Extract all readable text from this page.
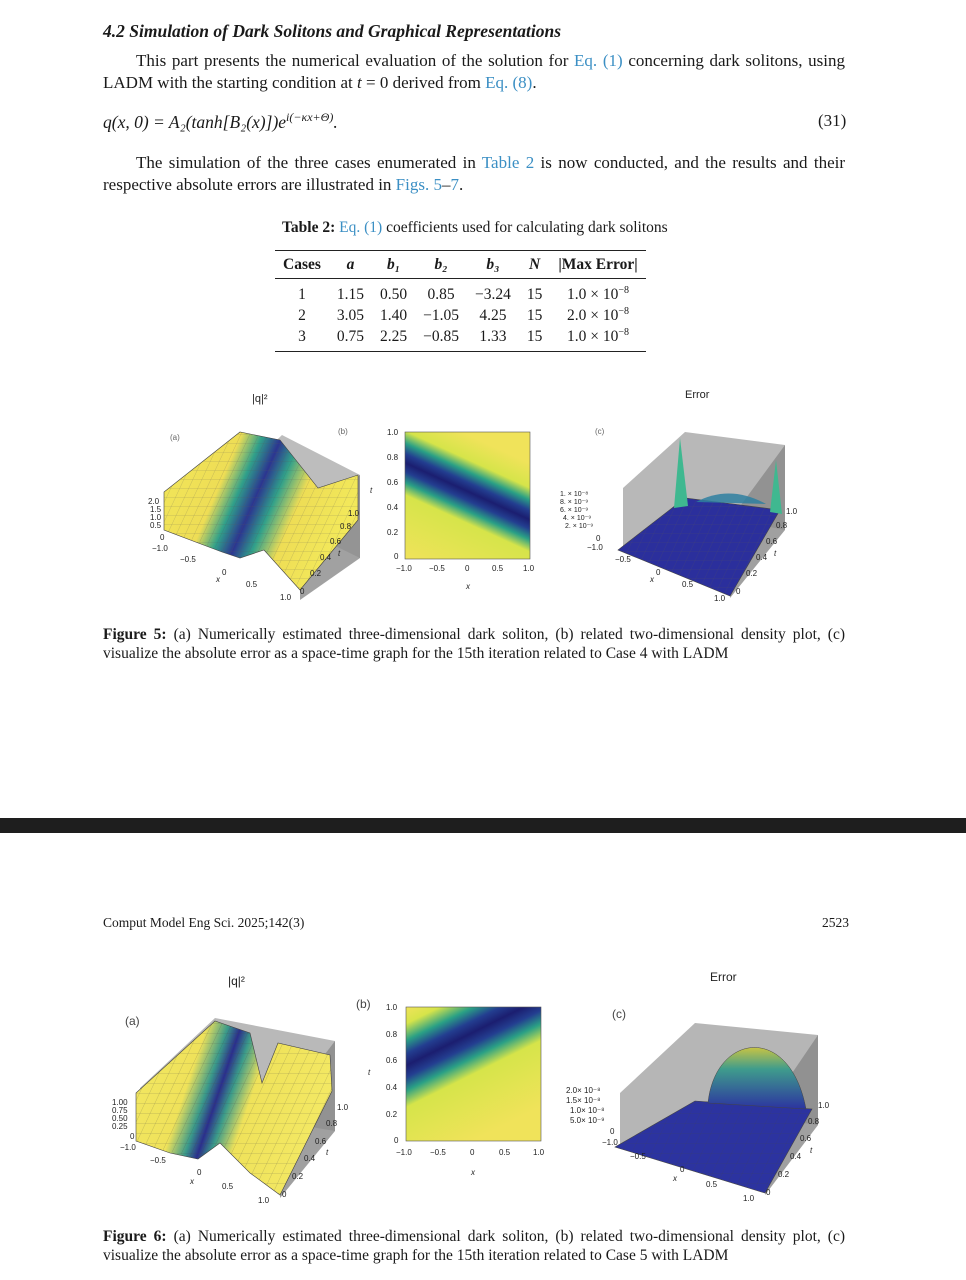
4.2 Simulation of Dark Solitons and Graphical Representations
This part presents the numerical evaluation of the solution for Eq. (1) concerning dark solitons, using LADM with the starting condition at t = 0 derived from Eq. (8).
q(x, $0) = A_2(\tanh[B_2(x)])e^{i(-\kappa x+\Theta)}$.	(31)
The simulation of the three cases enumerated in Table 2 is now conducted, and the results and their respective absolute errors are illustrated in Figs. 5–7.
Table 2: Eq. (1) coefficients used for calculating dark solitons
Cases	a	b₁	b₂	b₃	N	|Max Error|
1	1.15	0.50	0.85	−3.24	15	$1.0 \times 10^{-8}$
2	3.05	1.40	−1.05	4.25	15	$2.0 \times 10^{-8}$
3	0.75	2.25	−0.85	1.33	15	$1.0 \times 10^{-8}$
(a)
|q|²
2.0
1.5
1.0
0.5
0
−1.0
−0.5
0
0.5
1.0
x
0
0.2
0.4
0.6
0.8
1.0
t
(b)	1.0
0.8
0.6
0.4
0.2
0
t
−1.0 −0.5	0	0.5 1.0
x
(c)
Error
1. × 10⁻⁸
8. × 10⁻⁹
6. × 10⁻⁹
4. × 10⁻⁹
2. × 10⁻⁹
0
−1.0
−0.5
0
0.5
1.0
x
0
0.2
0.4
0.6
0.8
1.0
t
Figure 5: (a) Numerically estimated three-dimensional dark soliton, (b) related two-dimensional density plot, (c) visualize the absolute error as a space-time graph for the 15th iteration related to Case 4 with LADM
Comput Model Eng Sci. 2025;142(3)	2523
(a)
|q|²
1.00
0.75
0.50
0.25
0
−1.0
−0.5
0
0.5
1.0
x
0
0.2
0.4
0.6
0.8
1.0
t
(b) 1.0
0.8
0.6
0.4
0.2
0
t
−1.0 −0.5	0	0.5	1.0
x
(c)
Error
2.0× 10⁻⁸
1.5× 10⁻⁸
1.0× 10⁻⁸
5.0× 10⁻⁹
0
−1.0
−0.5
0
0.5
1.0
x
0
0.2
0.4
0.6
0.8
1.0
t
Figure 6: (a) Numerically estimated three-dimensional dark soliton, (b) related two-dimensional density plot, (c) visualize the absolute error as a space-time graph for the 15th iteration related to Case 5 with LADM
